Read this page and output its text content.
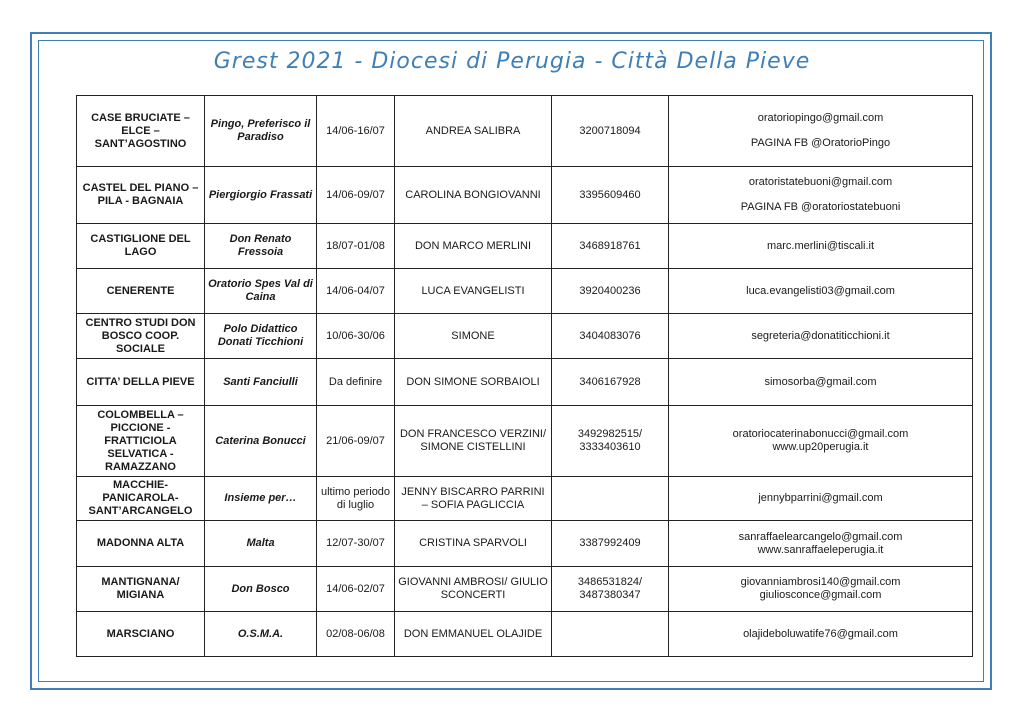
Grest 2021 - Diocesi di Perugia - Città Della Pieve
CASE BRUCIATE – ELCE – SANT’AGOSTINO	Pingo, Preferisco il Paradiso	14/06-16/07	ANDREA SALIBRA	3200718094	oratoriopingo@gmail.com
PAGINA FB @OratorioPingo

CASTEL DEL PIANO – PILA - BAGNAIA	Piergiorgio Frassati	14/06-09/07	CAROLINA BONGIOVANNI	3395609460	oratoristatebuoni@gmail.com
PAGINA FB @oratoriostatebuoni

CASTIGLIONE DEL LAGO	Don Renato Fressoia	18/07-01/08	DON MARCO MERLINI	3468918761	marc.merlini@tiscali.it

CENERENTE	Oratorio Spes Val di Caina	14/06-04/07	LUCA EVANGELISTI	3920400236	luca.evangelisti03@gmail.com

CENTRO STUDI DON BOSCO COOP. SOCIALE	Polo Didattico Donati Ticchioni	10/06-30/06	SIMONE	3404083076	segreteria@donatiticchioni.it

CITTA’ DELLA PIEVE	Santi Fanciulli	Da definire	DON SIMONE SORBAIOLI	3406167928	simosorba@gmail.com

COLOMBELLA – PICCIONE - FRATTICIOLA SELVATICA - RAMAZZANO	Caterina Bonucci	21/06-09/07	DON FRANCESCO VERZINI/ SIMONE CISTELLINI	3492982515/ 3333403610	oratoriocaterinabonucci@gmail.com
www.up20perugia.it

MACCHIE-PANICAROLA-SANT’ARCANGELO	Insieme per…	ultimo periodo di luglio	JENNY BISCARRO PARRINI – SOFIA PAGLICCIA		jennybparrini@gmail.com

MADONNA ALTA	Malta	12/07-30/07	CRISTINA SPARVOLI	3387992409	sanraffaelearcangelo@gmail.com
www.sanraffaeleperugia.it

MANTIGNANA/ MIGIANA	Don Bosco	14/06-02/07	GIOVANNI AMBROSI/ GIULIO SCONCERTI	3486531824/ 3487380347	giovanniambrosi140@gmail.com
giuliosconce@gmail.com

MARSCIANO	O.S.M.A.	02/08-06/08	DON EMMANUEL OLAJIDE		olajideboluwatife76@gmail.com
